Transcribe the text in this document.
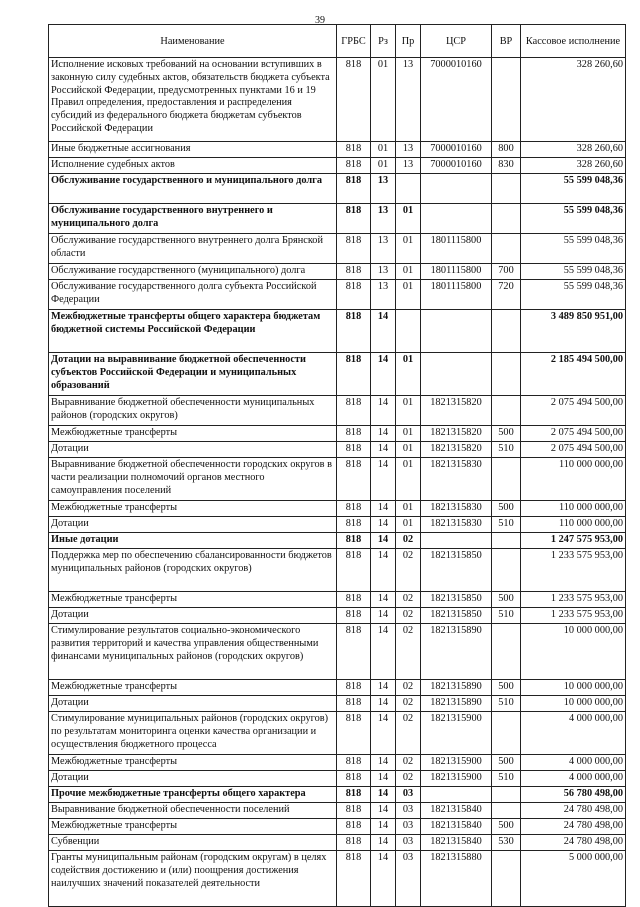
39
Наименование	ГРБС	Рз	Пр	ЦСР	ВР	Кассовое исполнение
Исполнение исковых требований на основании вступивших в законную силу судебных актов, обязательств бюджета субъекта Российской Федерации, предусмотренных пунктами 16 и 19 Правил определения, предоставления и распределения субсидий из федерального бюджета бюджетам субъектов Российской Федерации	818	01	13	7000010160		328 260,60
Иные бюджетные ассигнования	818	01	13	7000010160	800	328 260,60
Исполнение судебных актов	818	01	13	7000010160	830	328 260,60
Обслуживание государственного и муниципального долга	818	13				55 599 048,36
Обслуживание государственного внутреннего и муниципального долга	818	13	01			55 599 048,36
Обслуживание государственного внутреннего долга Брянской области	818	13	01	1801115800		55 599 048,36
Обслуживание государственного (муниципального) долга	818	13	01	1801115800	700	55 599 048,36
Обслуживание государственного долга субъекта Российской Федерации	818	13	01	1801115800	720	55 599 048,36
Межбюджетные трансферты общего характера бюджетам бюджетной системы Российской Федерации	818	14				3 489 850 951,00
Дотации на выравнивание бюджетной обеспеченности субъектов Российской Федерации и муниципальных образований	818	14	01			2 185 494 500,00
Выравнивание бюджетной обеспеченности муниципальных районов (городских округов)	818	14	01	1821315820		2 075 494 500,00
Межбюджетные трансферты	818	14	01	1821315820	500	2 075 494 500,00
Дотации	818	14	01	1821315820	510	2 075 494 500,00
Выравнивание бюджетной обеспеченности городских округов в части реализации полномочий органов местного самоуправления поселений	818	14	01	1821315830		110 000 000,00
Межбюджетные трансферты	818	14	01	1821315830	500	110 000 000,00
Дотации	818	14	01	1821315830	510	110 000 000,00
Иные дотации	818	14	02			1 247 575 953,00
Поддержка мер по обеспечению сбалансированности бюджетов муниципальных районов (городских округов)	818	14	02	1821315850		1 233 575 953,00
Межбюджетные трансферты	818	14	02	1821315850	500	1 233 575 953,00
Дотации	818	14	02	1821315850	510	1 233 575 953,00
Стимулирование результатов социально-экономического развития территорий и качества управления общественными финансами муниципальных районов (городских округов)	818	14	02	1821315890		10 000 000,00
Межбюджетные трансферты	818	14	02	1821315890	500	10 000 000,00
Дотации	818	14	02	1821315890	510	10 000 000,00
Стимулирование муниципальных районов (городских округов) по результатам мониторинга оценки качества организации и осуществления бюджетного процесса	818	14	02	1821315900		4 000 000,00
Межбюджетные трансферты	818	14	02	1821315900	500	4 000 000,00
Дотации	818	14	02	1821315900	510	4 000 000,00
Прочие межбюджетные трансферты общего характера	818	14	03			56 780 498,00
Выравнивание бюджетной обеспеченности поселений	818	14	03	1821315840		24 780 498,00
Межбюджетные трансферты	818	14	03	1821315840	500	24 780 498,00
Субвенции	818	14	03	1821315840	530	24 780 498,00
Гранты муниципальным районам (городским округам) в целях содействия достижению и (или) поощрения достижения наилучших значений показателей деятельности	818	14	03	1821315880		5 000 000,00
